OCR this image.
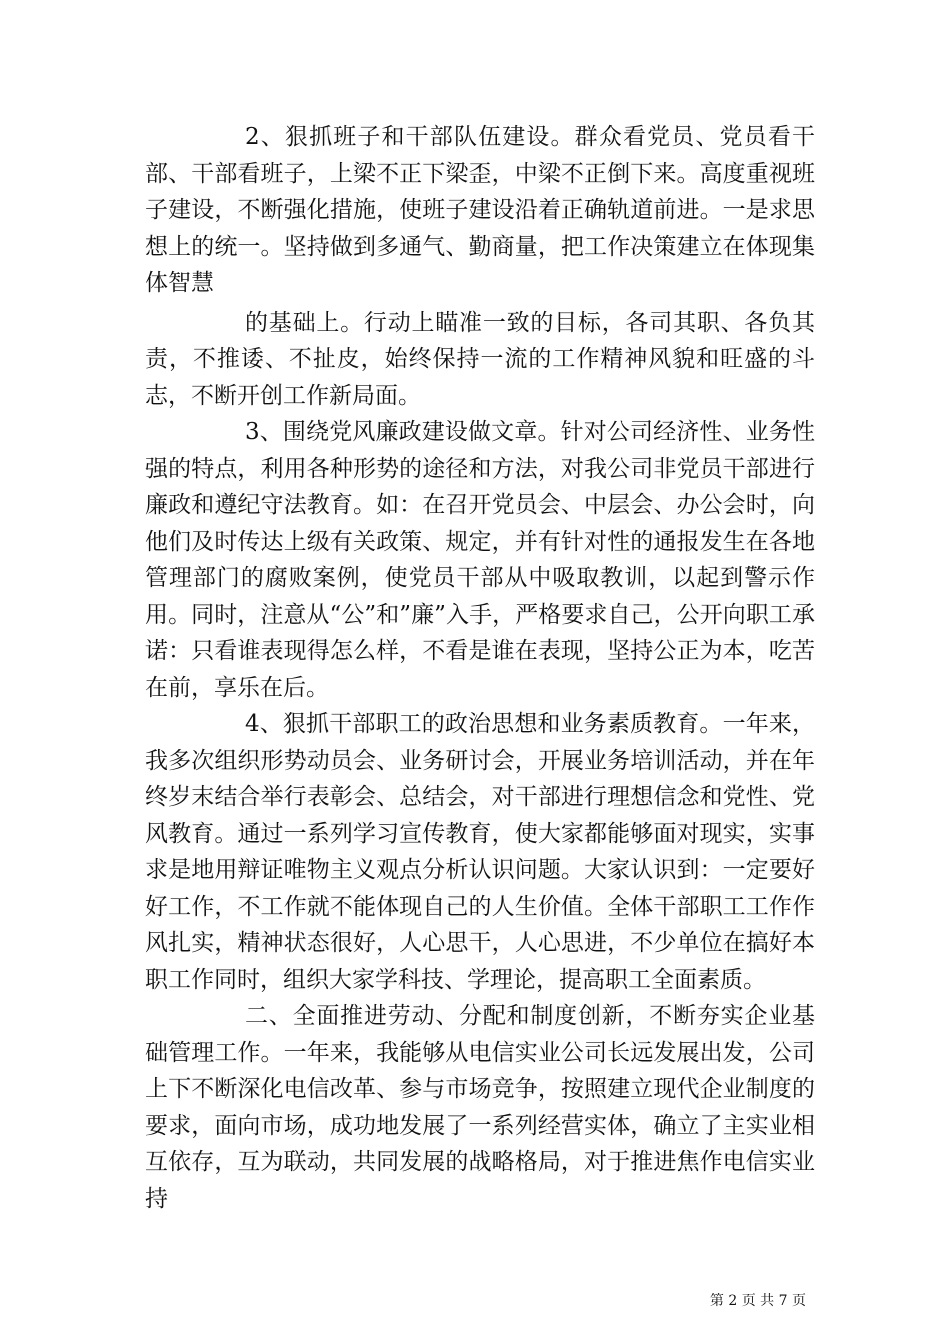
2、狠抓班子和干部队伍建设。群众看党员、党员看干部、干部看班子，上梁不正下梁歪，中梁不正倒下来。高度重视班子建设，不断强化措施，使班子建设沿着正确轨道前进。一是求思想上的统一。坚持做到多通气、勤商量，把工作决策建立在体现集体智慧

的基础上。行动上瞄准一致的目标，各司其职、各负其责，不推诿、不扯皮，始终保持一流的工作精神风貌和旺盛的斗志，不断开创工作新局面。

3、围绕党风廉政建设做文章。针对公司经济性、业务性强的特点，利用各种形势的途径和方法，对我公司非党员干部进行廉政和遵纪守法教育。如：在召开党员会、中层会、办公会时，向他们及时传达上级有关政策、规定，并有针对性的通报发生在各地管理部门的腐败案例，使党员干部从中吸取教训，以起到警示作用。同时，注意从“公”和”廉”入手，严格要求自己，公开向职工承诺：只看谁表现得怎么样，不看是谁在表现，坚持公正为本，吃苦在前，享乐在后。

4、狠抓干部职工的政治思想和业务素质教育。一年来，我多次组织形势动员会、业务研讨会，开展业务培训活动，并在年终岁末结合举行表彰会、总结会，对干部进行理想信念和党性、党风教育。通过一系列学习宣传教育，使大家都能够面对现实，实事求是地用辩证唯物主义观点分析认识问题。大家认识到：一定要好好工作，不工作就不能体现自己的人生价值。全体干部职工工作作风扎实，精神状态很好，人心思干，人心思进，不少单位在搞好本职工作同时，组织大家学科技、学理论，提高职工全面素质。

二、全面推进劳动、分配和制度创新，不断夯实企业基础管理工作。一年来，我能够从电信实业公司长远发展出发，公司上下不断深化电信改革、参与市场竞争，按照建立现代企业制度的要求，面向市场，成功地发展了一系列经营实体，确立了主实业相互依存，互为联动，共同发展的战略格局，对于推进焦作电信实业持

第 2 页 共 7 页
